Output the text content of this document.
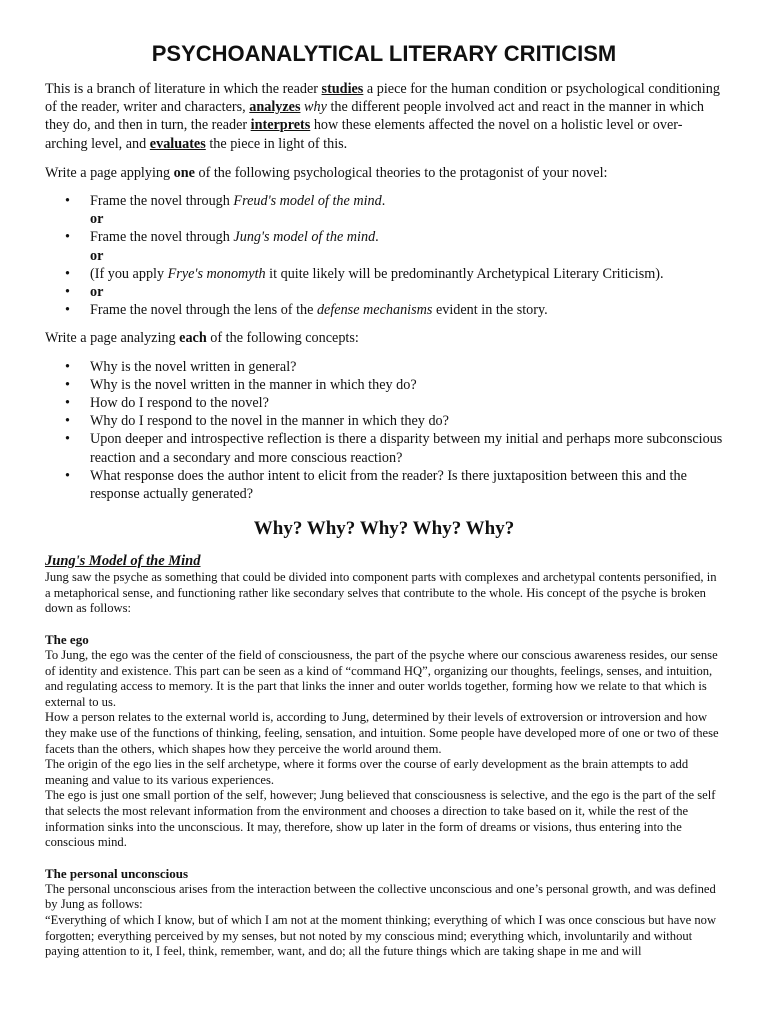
PSYCHOANALYTICAL LITERARY CRITICISM

This is a branch of literature in which the reader studies a piece for the human condition or psychological conditioning of the reader, writer and characters, analyzes why the different people involved act and react in the manner in which they do, and then in turn, the reader interprets how these elements affected the novel on a holistic level or over-arching level, and evaluates the piece in light of this.

Write a page applying one of the following psychological theories to the protagonist of your novel:

• Frame the novel through Freud's model of the mind.
or
• Frame the novel through Jung's model of the mind.
or
• (If you apply Frye's monomyth it quite likely will be predominantly Archetypical Literary Criticism).
• or
• Frame the novel through the lens of the defense mechanisms evident in the story.

Write a page analyzing each of the following concepts:

• Why is the novel written in general?
• Why is the novel written in the manner in which they do?
• How do I respond to the novel?
• Why do I respond to the novel in the manner in which they do?
• Upon deeper and introspective reflection is there a disparity between my initial and perhaps more subconscious reaction and a secondary and more conscious reaction?
• What response does the author intent to elicit from the reader? Is there juxtaposition between this and the response actually generated?
Why? Why? Why? Why? Why?
Jung's Model of the Mind

Jung saw the psyche as something that could be divided into component parts with complexes and archetypal contents personified, in a metaphorical sense, and functioning rather like secondary selves that contribute to the whole. His concept of the psyche is broken down as follows:

The ego

To Jung, the ego was the center of the field of consciousness, the part of the psyche where our conscious awareness resides, our sense of identity and existence. This part can be seen as a kind of “command HQ”, organizing our thoughts, feelings, senses, and intuition, and regulating access to memory. It is the part that links the inner and outer worlds together, forming how we relate to that which is external to us.

How a person relates to the external world is, according to Jung, determined by their levels of extroversion or introversion and how they make use of the functions of thinking, feeling, sensation, and intuition. Some people have developed more of one or two of these facets than the others, which shapes how they perceive the world around them.

The origin of the ego lies in the self archetype, where it forms over the course of early development as the brain attempts to add meaning and value to its various experiences.

The ego is just one small portion of the self, however; Jung believed that consciousness is selective, and the ego is the part of the self that selects the most relevant information from the environment and chooses a direction to take based on it, while the rest of the information sinks into the unconscious. It may, therefore, show up later in the form of dreams or visions, thus entering into the conscious mind.

The personal unconscious

The personal unconscious arises from the interaction between the collective unconscious and one’s personal growth, and was defined by Jung as follows:

“Everything of which I know, but of which I am not at the moment thinking; everything of which I was once conscious but have now forgotten; everything perceived by my senses, but not noted by my conscious mind; everything which, involuntarily and without paying attention to it, I feel, think, remember, want, and do; all the future things which are taking shape in me and will
